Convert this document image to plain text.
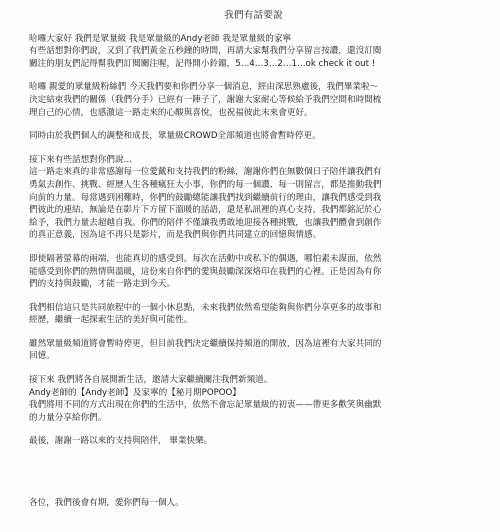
我們有話要說
哈囉大家好 我們是眾量級 我是眾量級的Andy老師 我是眾量級的家寧
有些話想對你們說，又到了我們黃金五秒鐘的時間，再請大家幫我們分享留言按讚，還沒訂閱
關注的朋友們記得幫我們訂閱關注喔，記得開小鈴鐺，5…4…3…2…1…ok check it out !
哈囉 親愛的眾量級粉絲們 今天我們要和你們分享一個消息，經由深思熟慮後，我們畢業啦～
決定結束我們的關係（我們分手）已經有一陣子了，謝謝大家耐心等候給予我們空間和時間梳
理自己的心情，也感激這一路走來的心酸與喜悅，也祝福彼此未來會更好。
同時由於我們個人的調整和成長，眾量級CROWD全部頻道也將會暫時停更。
接下來有些話想對你們說…
這一路走來真的非常感謝每一位愛戴和支持我們的粉絲，謝謝你們在無數個日子陪伴讓我們有
勇氣去創作、挑戰、經歷人生各種瘋狂大小事，你們的每一個讚、每一則留言，都是推動我們
向前的力量。每當遇到困難時，你們的鼓勵總能讓我們找到繼續前行的理由，讓我們感受到我
們彼此的連結，無論是在影片下方留下溫暖的話語，還是私訊裡的真心支持，我們都銘記於心
給予，我們力量去超越自我。你們的陪伴不僅讓我勇敢地迎接各種挑戰，也讓我們體會到創作
的真正意義，因為這不再只是影片，而是我們與你們共同建立的回憶與情感。
即使隔著螢幕的兩端，也能真切的感受到。每次在活動中或私下的偶遇，哪怕素未謀面，依然
能感受到你們的熱情與溫暖，這份來自你們的愛與鼓勵深深烙印在我們的心裡。正是因為有你
們的支持與鼓勵，才能一路走到今天。
我們相信這只是共同旅程中的一個小休息點，未來我們依然希望能夠與你們分享更多的故事和
經歷，繼續一起探索生活的美好與可能性。
雖然眾量級頻道將會暫時停更，但目前我們決定繼續保持頻道的開放，因為這裡有大家共同的
回憶。
接下來 我們將各自展開新生活，邀請大家繼續關注我們新頻道。
Andy老師的【Andy老師】及家寧的【秘月期POPOO】
我們將用不同的方式出現在你們的生活中，依然不會忘記眾量級的初衷——帶更多歡笑與幽默
的力量分享給你們。
最後，謝謝一路以來的支持與陪伴， 畢業快樂。
各位，我們後會有期，愛你們每一個人。
